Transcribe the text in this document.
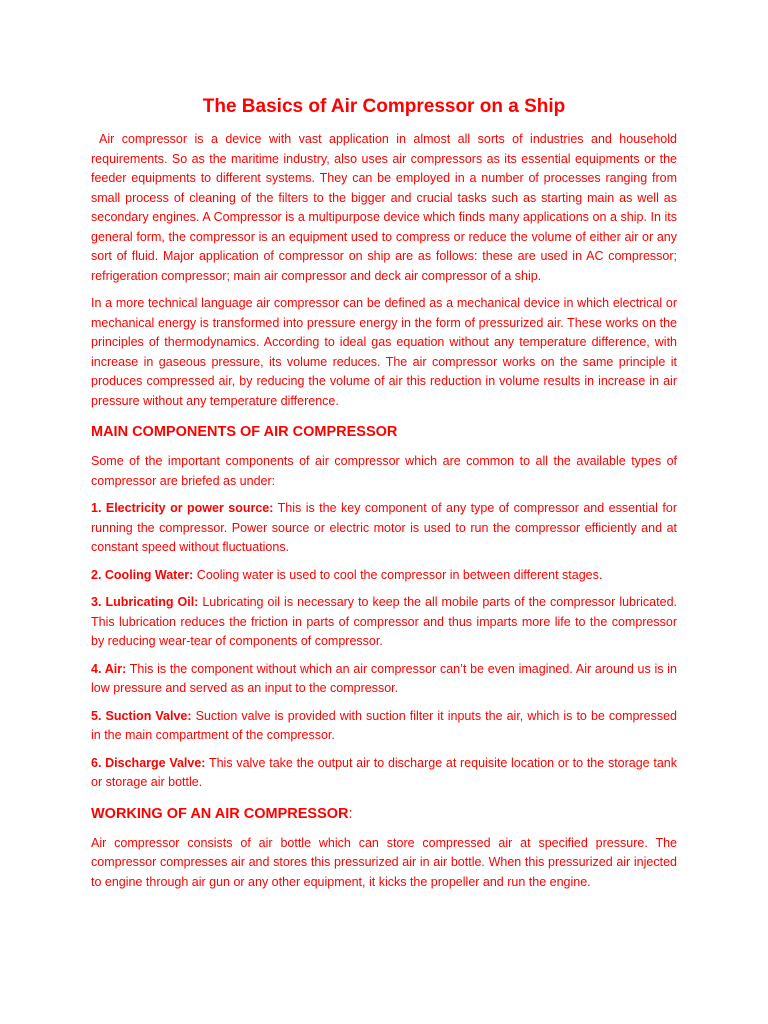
The Basics of Air Compressor on a Ship

Air compressor is a device with vast application in almost all sorts of industries and household requirements. So as the maritime industry, also uses air compressors as its essential equipments or the feeder equipments to different systems. They can be employed in a number of processes ranging from small process of cleaning of the filters to the bigger and crucial tasks such as starting main as well as secondary engines. A Compressor is a multipurpose device which finds many applications on a ship. In its general form, the compressor is an equipment used to compress or reduce the volume of either air or any sort of fluid. Major application of compressor on ship are as follows: these are used in AC compressor; refrigeration compressor; main air compressor and deck air compressor of a ship.

In a more technical language air compressor can be defined as a mechanical device in which electrical or mechanical energy is transformed into pressure energy in the form of pressurized air. These works on the principles of thermodynamics. According to ideal gas equation without any temperature difference, with increase in gaseous pressure, its volume reduces. The air compressor works on the same principle it produces compressed air, by reducing the volume of air this reduction in volume results in increase in air pressure without any temperature difference.

MAIN COMPONENTS OF AIR COMPRESSOR

Some of the important components of air compressor which are common to all the available types of compressor are briefed as under:

1. Electricity or power source: This is the key component of any type of compressor and essential for running the compressor. Power source or electric motor is used to run the compressor efficiently and at constant speed without fluctuations.

2. Cooling Water: Cooling water is used to cool the compressor in between different stages.

3. Lubricating Oil: Lubricating oil is necessary to keep the all mobile parts of the compressor lubricated. This lubrication reduces the friction in parts of compressor and thus imparts more life to the compressor by reducing wear-tear of components of compressor.

4. Air: This is the component without which an air compressor can’t be even imagined. Air around us is in low pressure and served as an input to the compressor.

5. Suction Valve: Suction valve is provided with suction filter it inputs the air, which is to be compressed in the main compartment of the compressor.

6. Discharge Valve: This valve take the output air to discharge at requisite location or to the storage tank or storage air bottle.

WORKING OF AN AIR COMPRESSOR:

Air compressor consists of air bottle which can store compressed air at specified pressure. The compressor compresses air and stores this pressurized air in air bottle. When this pressurized air injected to engine through air gun or any other equipment, it kicks the propeller and run the engine.
